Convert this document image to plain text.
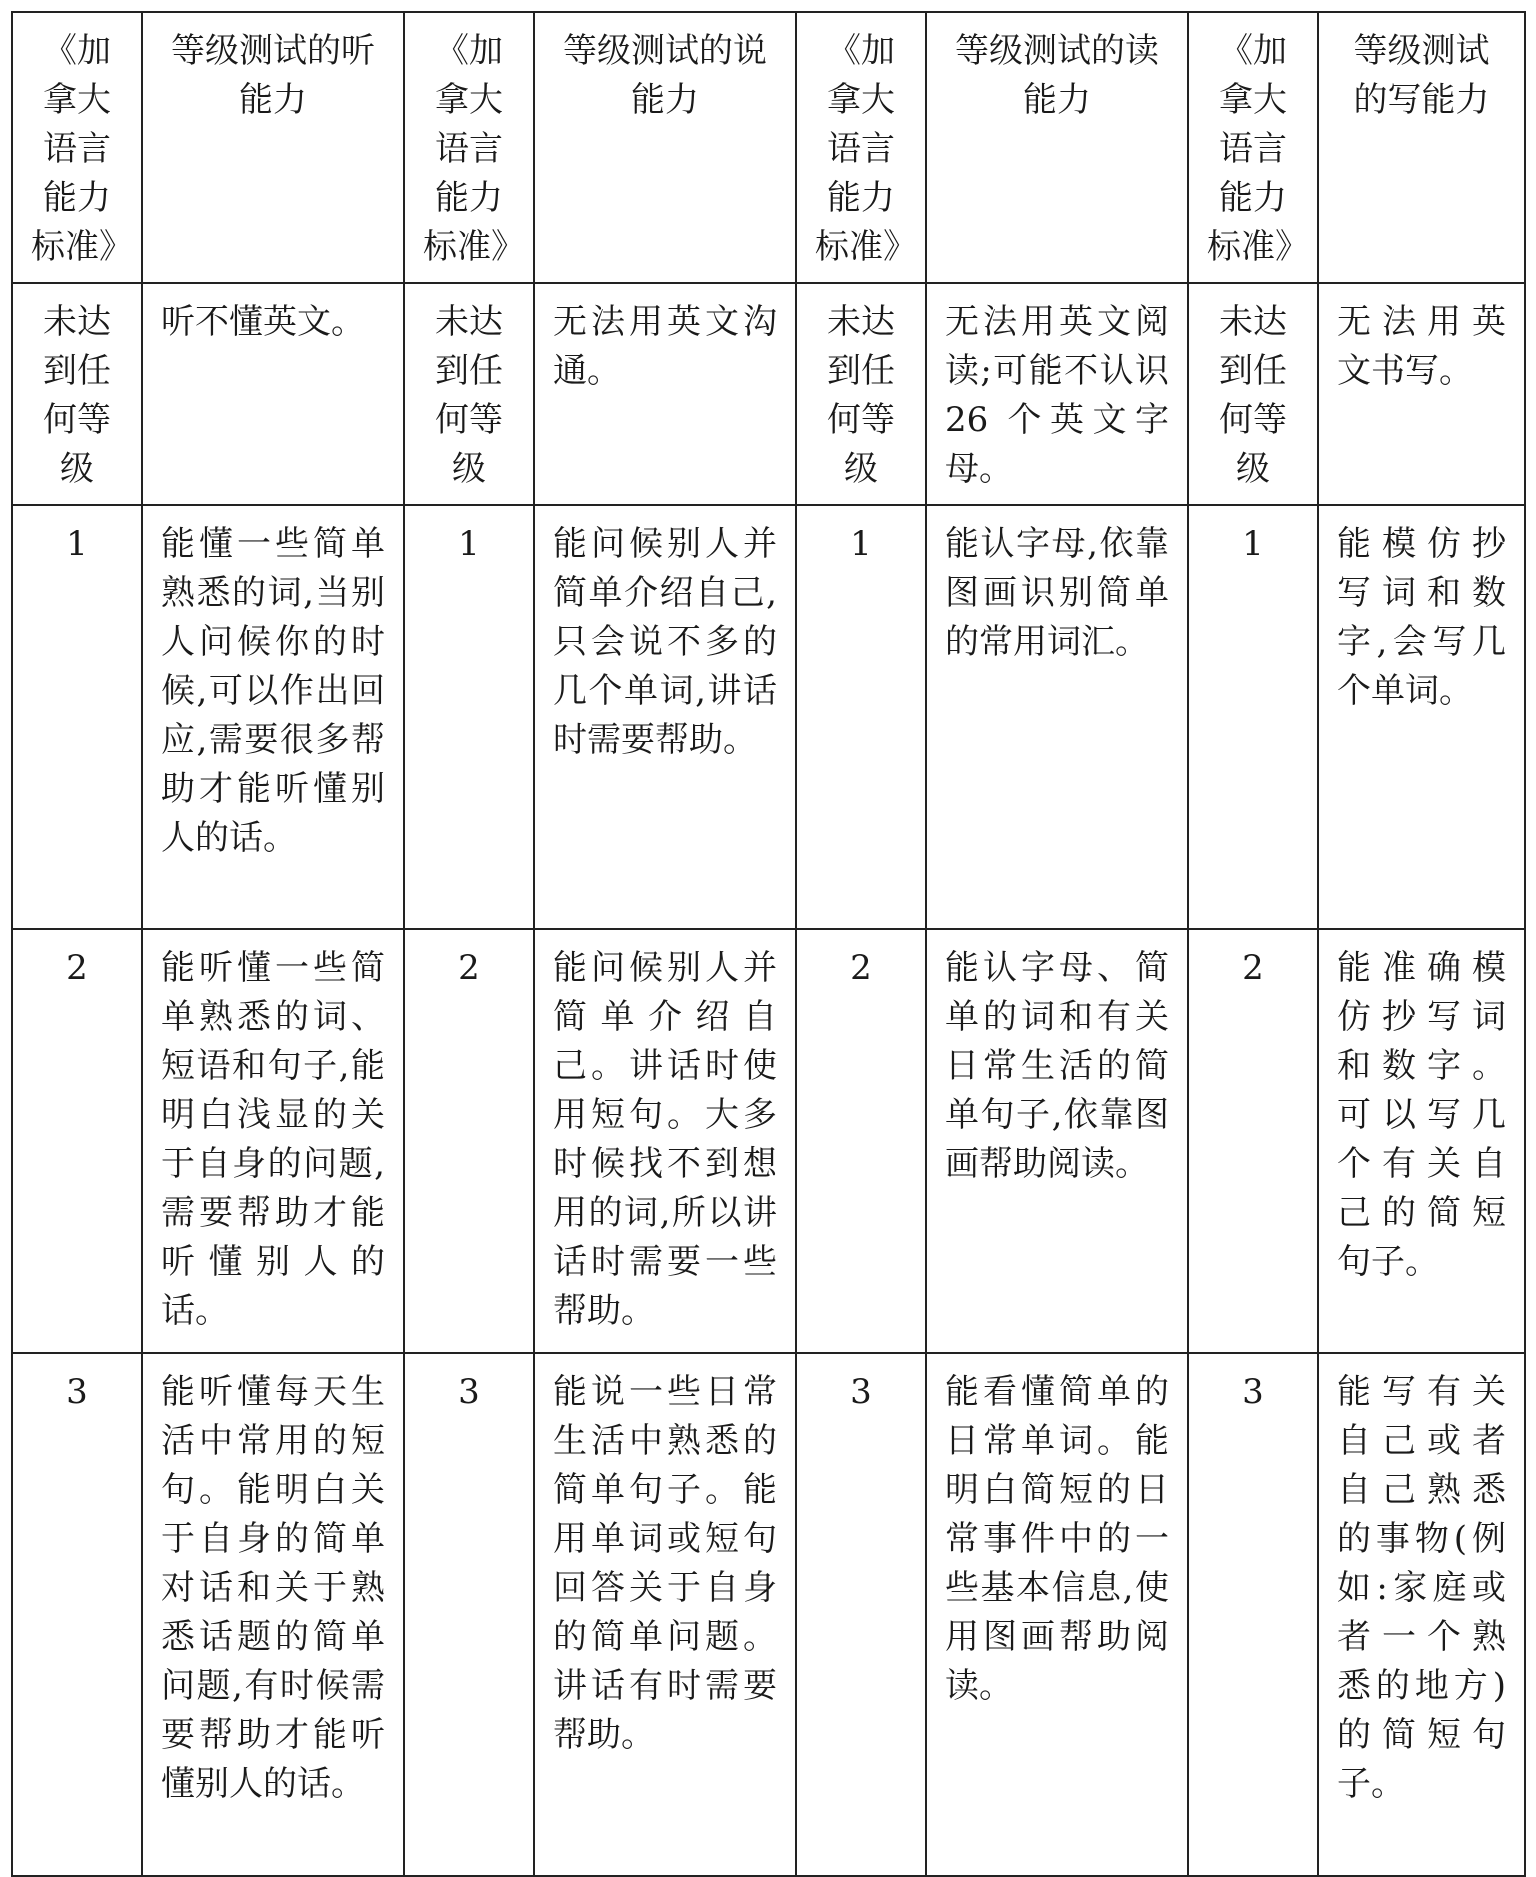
《加拿大语言能力标准》	等级测试的听能力	《加拿大语言能力标准》	等级测试的说能力	《加拿大语言能力标准》	等级测试的读能力	《加拿大语言能力标准》	等级测试的写能力
未达到任何等级	听不懂英文。	未达到任何等级	无法用英文沟通。	未达到任何等级	无法用英文阅读;可能不认识 26 个英文字母。	未达到任何等级	无法用英文书写。
1	能懂一些简单熟悉的词,当别人问候你的时候,可以作出回应,需要很多帮助才能听懂别人的话。	1	能问候别人并简单介绍自己,只会说不多的几个单词,讲话时需要帮助。	1	能认字母,依靠图画识别简单的常用词汇。	1	能模仿抄写词和数字,会写几个单词。
2	能听懂一些简单熟悉的词、短语和句子,能明白浅显的关于自身的问题,需要帮助才能听懂别人的话。	2	能问候别人并简单介绍自己。讲话时使用短句。大多时候找不到想用的词,所以讲话时需要一些帮助。	2	能认字母、简单的词和有关日常生活的简单句子,依靠图画帮助阅读。	2	能准确模仿抄写词和数字。可以写几个有关自己的简短句子。
3	能听懂每天生活中常用的短句。能明白关于自身的简单对话和关于熟悉话题的简单问题,有时候需要帮助才能听懂别人的话。	3	能说一些日常生活中熟悉的简单句子。能用单词或短句回答关于自身的简单问题。讲话有时需要帮助。	3	能看懂简单的日常单词。能明白简短的日常事件中的一些基本信息,使用图画帮助阅读。	3	能写有关自己或者自己熟悉的事物(例如:家庭或者一个熟悉的地方)的简短句子。
